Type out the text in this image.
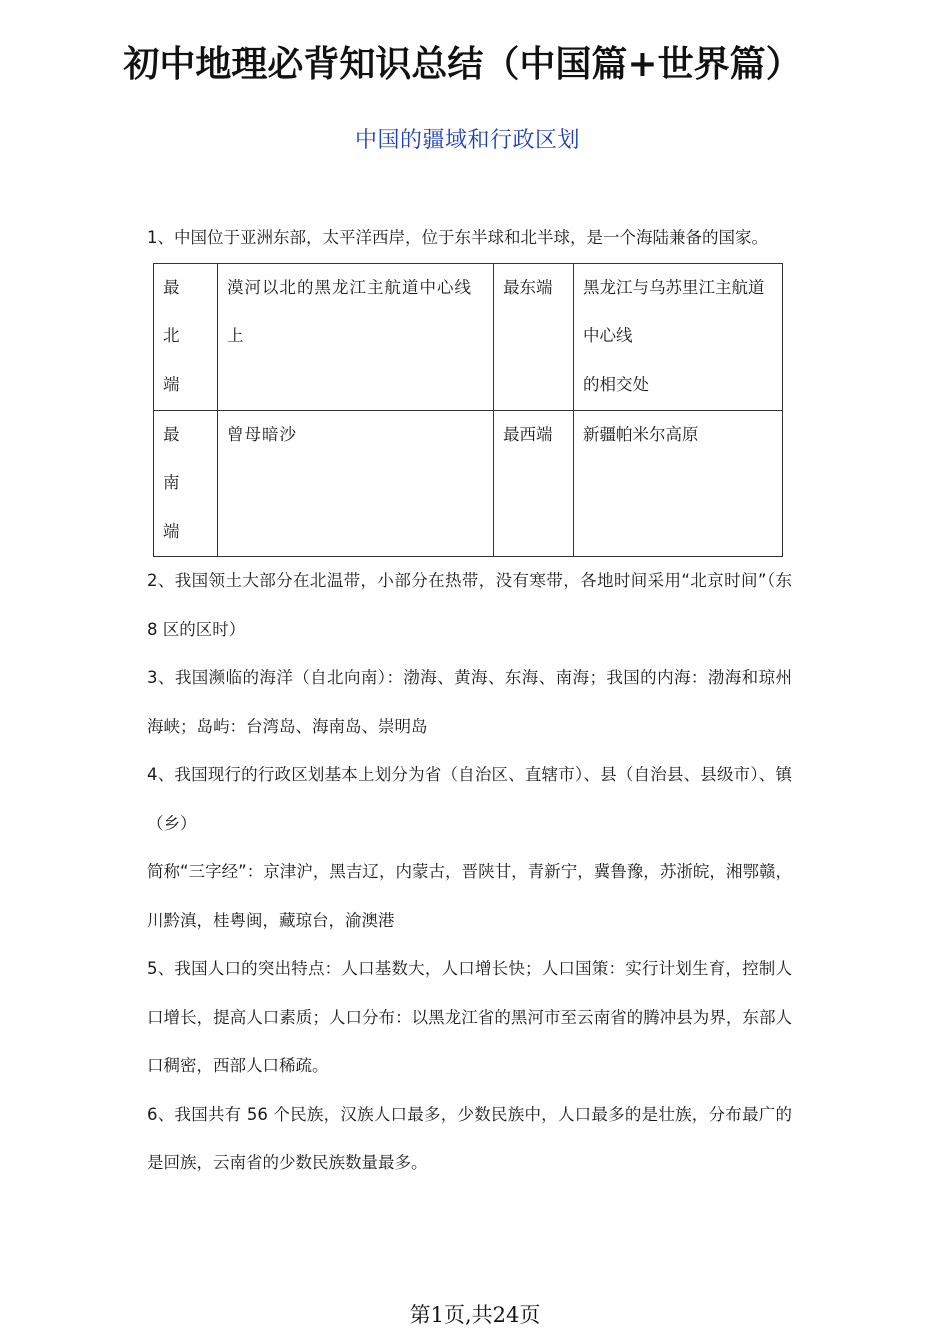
初中地理必背知识总结（中国篇+世界篇）
中国的疆域和行政区划

1、中国位于亚洲东部，太平洋西岸，位于东半球和北半球，是一个海陆兼备的国家。

最北端	漠河以北的黑龙江主航道中心线上	最东端	黑龙江与乌苏里江主航道中心线
的相交处

最南端	曾母暗沙	最西端	新疆帕米尔高原

2、我国领土大部分在北温带，小部分在热带，没有寒带，各地时间采用“北京时间”（东 8 区的区时）

3、我国濒临的海洋（自北向南）：渤海、黄海、东海、南海；我国的内海：渤海和琼州海峡；岛屿：台湾岛、海南岛、崇明岛

4、我国现行的行政区划基本上划分为省（自治区、直辖市）、县（自治县、县级市）、镇（乡）

简称“三字经”：京津沪，黑吉辽，内蒙古，晋陕甘，青新宁，冀鲁豫，苏浙皖，湘鄂赣，川黔滇，桂粤闽，藏琼台，渝澳港

5、我国人口的突出特点：人口基数大，人口增长快；人口国策：实行计划生育，控制人口增长，提高人口素质；人口分布：以黑龙江省的黑河市至云南省的腾冲县为界，东部人口稠密，西部人口稀疏。

6、我国共有 56 个民族，汉族人口最多，少数民族中，人口最多的是壮族，分布最广的是回族，云南省的少数民族数量最多。

第1页,共24页
